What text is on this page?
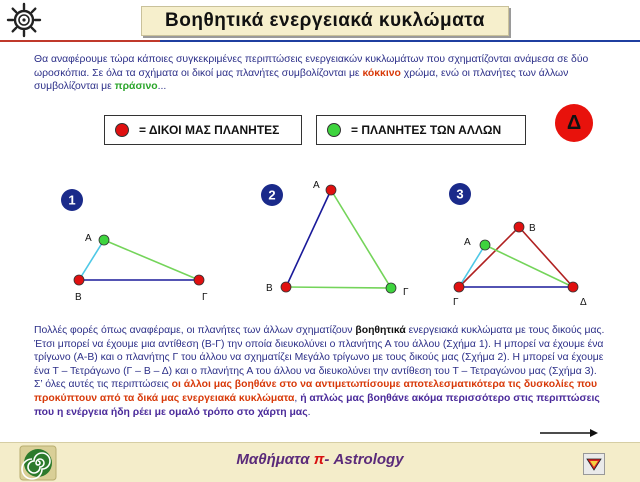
Βοηθητικά ενεργειακά κυκλώματα
Θα αναφέρουμε τώρα κάποιες συγκεκριμένες περιπτώσεις ενεργειακών κυκλωμάτων που σχηματίζονται ανάμεσα σε δύο ωροσκόπια. Σε όλα τα σχήματα οι δικοί μας πλανήτες συμβολίζονται με κόκκινο χρώμα, ενώ οι πλανήτες των άλλων συμβολίζονται με πράσινο...
= ΔΙΚΟΙ ΜΑΣ ΠΛΑΝΗΤΕΣ	= ΠΛΑΝΗΤΕΣ ΤΩΝ ΑΛΛΩΝ	Δ
1
Α
Β	Γ
2
Α
Β	Γ
3
Β
Α
Γ	Δ
Πολλές φορές όπως αναφέραμε, οι πλανήτες των άλλων σχηματίζουν βοηθητικά ενεργειακά κυκλώματα με τους δικούς μας. Έτσι μπορεί να έχουμε μια αντίθεση (Β-Γ) την οποία διευκολύνει ο πλανήτης Α του άλλου (Σχήμα 1). Η μπορεί να έχουμε ένα τρίγωνο (Α-Β) και ο πλανήτης Γ του άλλου να σχηματίζει Μεγάλο τρίγωνο με τους δικούς μας (Σχήμα 2). Η μπορεί να έχουμε ένα Τ – Τετράγωνο (Γ – Β – Δ) και ο πλανήτης Α του άλλου να διευκολύνει την αντίθεση του Τ – Τετραγώνου μας (Σχήμα 3). Σ’ όλες αυτές τις περιπτώσεις οι άλλοι μας βοηθάνε στο να αντιμετωπίσουμε αποτελεσματικότερα τις δυσκολίες που προκύπτουν από τα δικά μας ενεργειακά κυκλώματα, ή απλώς μας βοηθάνε ακόμα περισσότερο στις περιπτώσεις που η ενέργεια ήδη ρέει με ομαλό τρόπο στο χάρτη μας.
Μαθήματα π- Astrology
